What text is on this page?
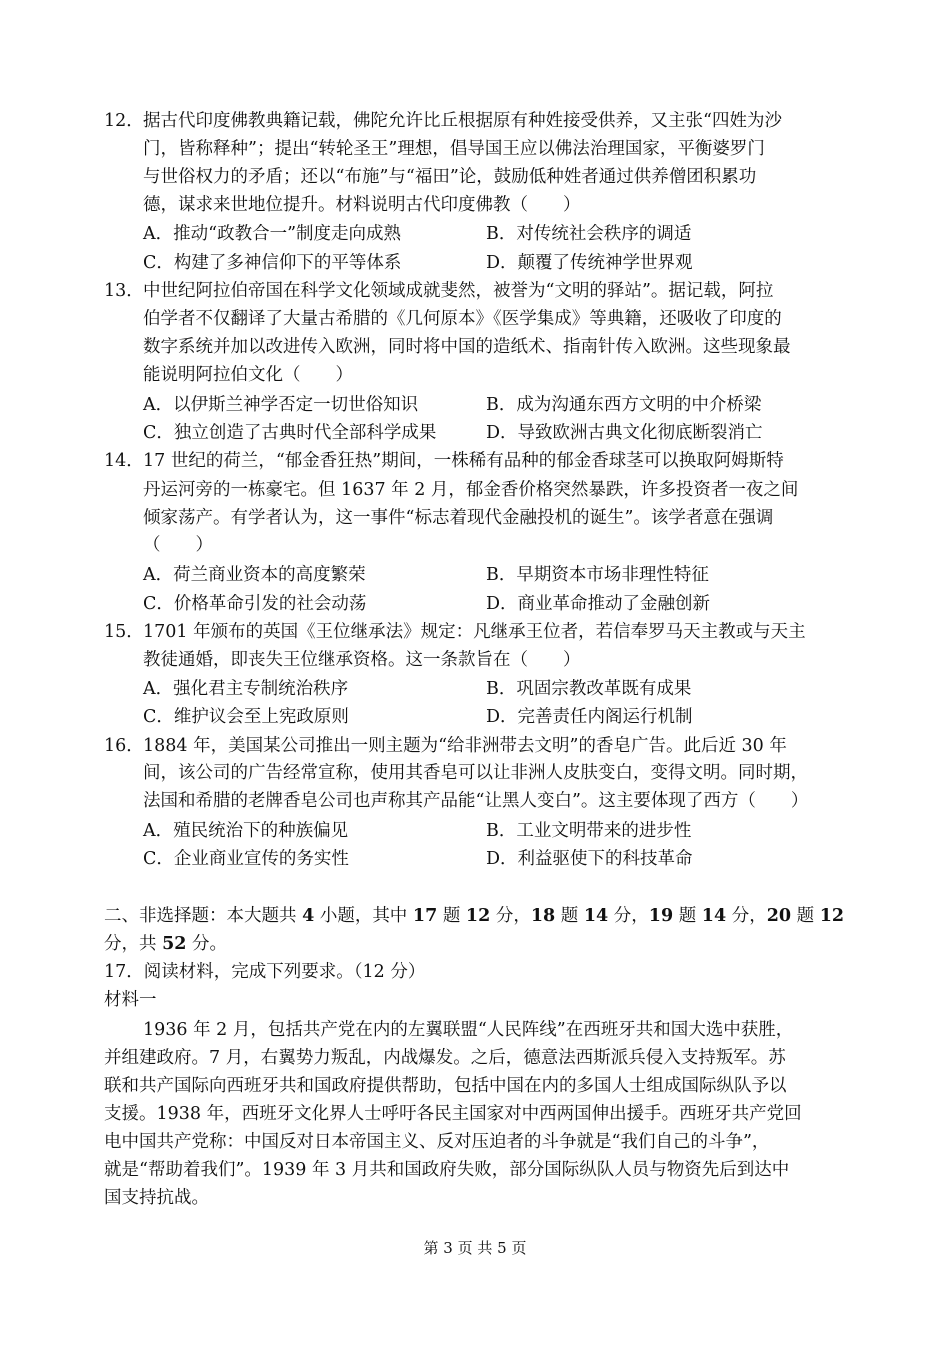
12．据古代印度佛教典籍记载，佛陀允许比丘根据原有种姓接受供养，又主张“四姓为沙
门，皆称释种”；提出“转轮圣王”理想，倡导国王应以佛法治理国家，平衡婆罗门
与世俗权力的矛盾；还以“布施”与“福田”论，鼓励低种姓者通过供养僧团积累功
德，谋求来世地位提升。材料说明古代印度佛教（　　）
A．推动“政教合一”制度走向成熟	B．对传统社会秩序的调适
C．构建了多神信仰下的平等体系	D．颠覆了传统神学世界观
13．中世纪阿拉伯帝国在科学文化领域成就斐然，被誉为“文明的驿站”。据记载，阿拉
伯学者不仅翻译了大量古希腊的《几何原本》《医学集成》等典籍，还吸收了印度的
数字系统并加以改进传入欧洲，同时将中国的造纸术、指南针传入欧洲。这些现象最
能说明阿拉伯文化（　　）
A．以伊斯兰神学否定一切世俗知识	B．成为沟通东西方文明的中介桥梁
C．独立创造了古典时代全部科学成果	D．导致欧洲古典文化彻底断裂消亡
14．17 世纪的荷兰，“郁金香狂热”期间，一株稀有品种的郁金香球茎可以换取阿姆斯特
丹运河旁的一栋豪宅。但 1637 年 2 月，郁金香价格突然暴跌，许多投资者一夜之间
倾家荡产。有学者认为，这一事件“标志着现代金融投机的诞生”。该学者意在强调
（　　）
A．荷兰商业资本的高度繁荣	B．早期资本市场非理性特征
C．价格革命引发的社会动荡	D．商业革命推动了金融创新
15．1701 年颁布的英国《王位继承法》规定：凡继承王位者，若信奉罗马天主教或与天主
教徒通婚，即丧失王位继承资格。这一条款旨在（　　）
A．强化君主专制统治秩序	B．巩固宗教改革既有成果
C．维护议会至上宪政原则	D．完善责任内阁运行机制
16．1884 年，美国某公司推出一则主题为“给非洲带去文明”的香皂广告。此后近 30 年
间，该公司的广告经常宣称，使用其香皂可以让非洲人皮肤变白，变得文明。同时期，
法国和希腊的老牌香皂公司也声称其产品能“让黑人变白”。这主要体现了西方（　　）
A．殖民统治下的种族偏见	B．工业文明带来的进步性
C．企业商业宣传的务实性	D．利益驱使下的科技革命
二、非选择题：本大题共 4 小题，其中 17 题 12 分，18 题 14 分，19 题 14 分，20 题 12
分，共 52 分。
17．阅读材料，完成下列要求。（12 分）
材料一
1936 年 2 月，包括共产党在内的左翼联盟“人民阵线”在西班牙共和国大选中获胜，
并组建政府。7 月，右翼势力叛乱，内战爆发。之后，德意法西斯派兵侵入支持叛军。苏
联和共产国际向西班牙共和国政府提供帮助，包括中国在内的多国人士组成国际纵队予以
支援。1938 年，西班牙文化界人士呼吁各民主国家对中西两国伸出援手。西班牙共产党回
电中国共产党称：中国反对日本帝国主义、反对压迫者的斗争就是“我们自己的斗争”，
就是“帮助着我们”。1939 年 3 月共和国政府失败，部分国际纵队人员与物资先后到达中
国支持抗战。
第 3 页 共 5 页
